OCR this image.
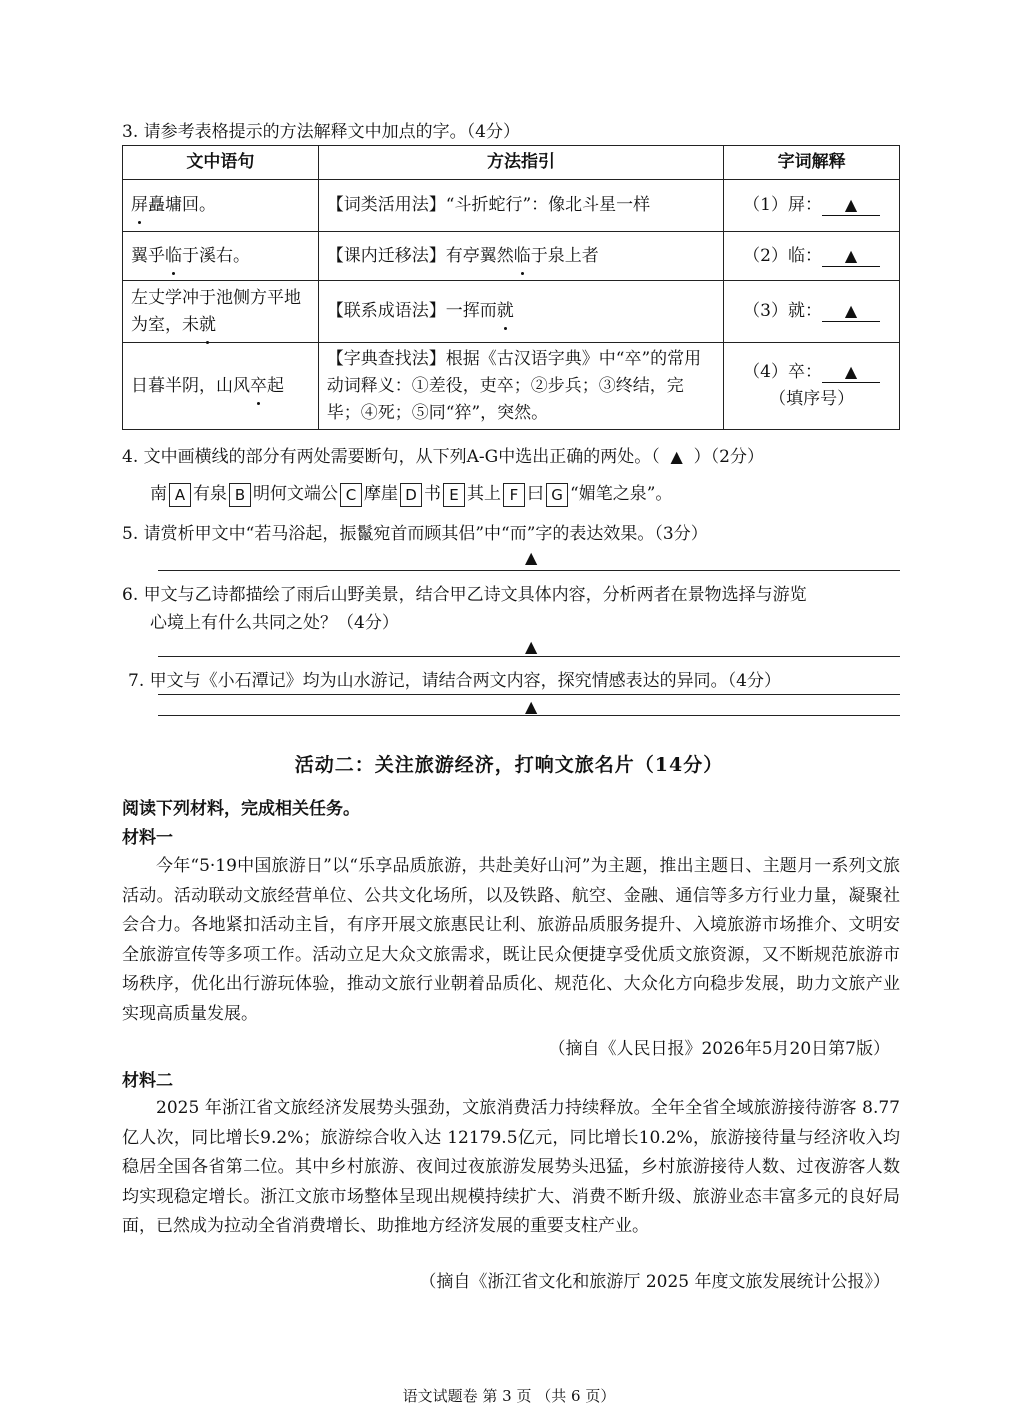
3. 请参考表格提示的方法解释文中加点的字。（4分）
文中语句	方法指引	字词解释
屏矗墉回。	【词类活用法】“斗折蛇行”：像北斗星一样	（1）屏： ▲
翼乎临于溪右。	【课内迁移法】有亭翼然临于泉上者	（2）临： ▲
左丈学冲于池侧方平地为室，未就	【联系成语法】一挥而就	（3）就： ▲
日暮半阴，山风卒起	【字典查找法】根据《古汉语字典》中“卒”的常用动词释义：①差役，吏卒；②步兵；③终结，完毕；④死；⑤同“猝”，突然。	（4）卒： ▲
（填序号）
4. 文中画横线的部分有两处需要断句，从下列A-G中选出正确的两处。（ ▲ ）（2分）
南 A 有泉 B 明何文端公 C 摩崖 D 书 E 其上 F 曰 G “媚笔之泉”。
5. 请赏析甲文中“若马浴起，振鬣宛首而顾其侣”中“而”字的表达效果。（3分）
▲
6. 甲文与乙诗都描绘了雨后山野美景，结合甲乙诗文具体内容，分析两者在景物选择与游览
心境上有什么共同之处？（4分）
▲
7. 甲文与《小石潭记》均为山水游记，请结合两文内容，探究情感表达的异同。（4分）
▲
活动二：关注旅游经济，打响文旅名片（14分）
阅读下列材料，完成相关任务。
材料一
今年“5·19中国旅游日”以“乐享品质旅游，共赴美好山河”为主题，推出主题日、主题月一系列文旅活动。活动联动文旅经营单位、公共文化场所，以及铁路、航空、金融、通信等多方行业力量，凝聚社会合力。各地紧扣活动主旨，有序开展文旅惠民让利、旅游品质服务提升、入境旅游市场推介、文明安全旅游宣传等多项工作。活动立足大众文旅需求，既让民众便捷享受优质文旅资源，又不断规范旅游市场秩序，优化出行游玩体验，推动文旅行业朝着品质化、规范化、大众化方向稳步发展，助力文旅产业实现高质量发展。
（摘自《人民日报》2026年5月20日第7版）
材料二
2025 年浙江省文旅经济发展势头强劲，文旅消费活力持续释放。全年全省全域旅游接待游客 8.77亿人次，同比增长9.2%；旅游综合收入达 12179.5亿元，同比增长10.2%，旅游接待量与经济收入均稳居全国各省第二位。其中乡村旅游、夜间过夜旅游发展势头迅猛，乡村旅游接待人数、过夜游客人数均实现稳定增长。浙江文旅市场整体呈现出规模持续扩大、消费不断升级、旅游业态丰富多元的良好局面，已然成为拉动全省消费增长、助推地方经济发展的重要支柱产业。
（摘自《浙江省文化和旅游厅 2025 年度文旅发展统计公报》）
语文试题卷 第 3 页 （共 6 页）
